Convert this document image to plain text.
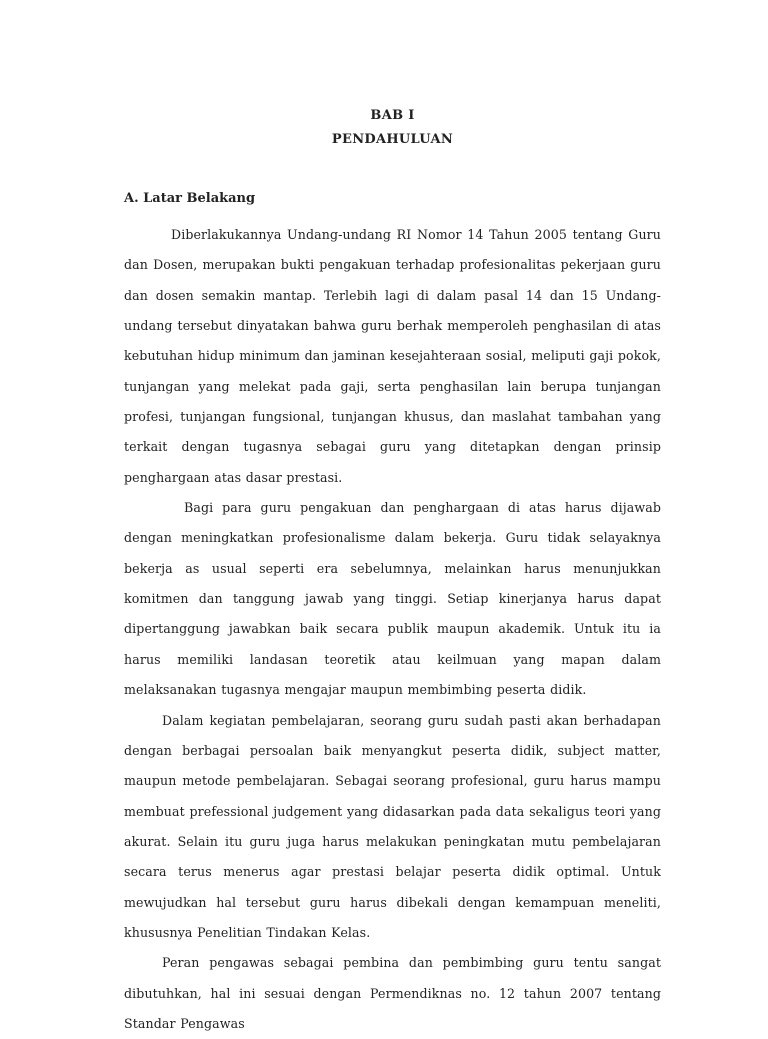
BAB I
PENDAHULUAN
A. Latar Belakang

Diberlakukannya Undang-undang RI Nomor 14 Tahun 2005 tentang Guru dan Dosen, merupakan bukti pengakuan terhadap profesionalitas pekerjaan guru dan dosen semakin mantap. Terlebih lagi di dalam pasal 14 dan 15 Undang-undang tersebut dinyatakan bahwa guru berhak memperoleh penghasilan di atas kebutuhan hidup minimum dan jaminan kesejahteraan sosial, meliputi gaji pokok, tunjangan yang melekat pada gaji, serta penghasilan lain berupa tunjangan profesi, tunjangan fungsional, tunjangan khusus, dan maslahat tambahan yang terkait dengan tugasnya sebagai guru yang ditetapkan dengan prinsip penghargaan atas dasar prestasi.

Bagi para guru pengakuan dan penghargaan di atas harus dijawab dengan meningkatkan profesionalisme dalam bekerja. Guru tidak selayaknya bekerja as usual seperti era sebelumnya, melainkan harus menunjukkan komitmen dan tanggung jawab yang tinggi. Setiap kinerjanya harus dapat dipertanggung jawabkan baik secara publik maupun akademik. Untuk itu ia harus memiliki landasan teoretik atau keilmuan yang mapan dalam melaksanakan tugasnya mengajar maupun membimbing peserta didik.

Dalam kegiatan pembelajaran, seorang guru sudah pasti akan berhadapan dengan berbagai persoalan baik menyangkut peserta didik, subject matter, maupun metode pembelajaran. Sebagai seorang profesional, guru harus mampu membuat prefessional judgement yang didasarkan pada data sekaligus teori yang akurat. Selain itu guru juga harus melakukan peningkatan mutu pembelajaran secara terus menerus agar prestasi belajar peserta didik optimal. Untuk mewujudkan hal tersebut guru harus dibekali dengan kemampuan meneliti, khususnya Penelitian Tindakan Kelas.

Peran pengawas sebagai pembina dan pembimbing guru tentu sangat dibutuhkan, hal ini sesuai dengan Permendiknas no. 12 tahun 2007 tentang Standar Pengawas
